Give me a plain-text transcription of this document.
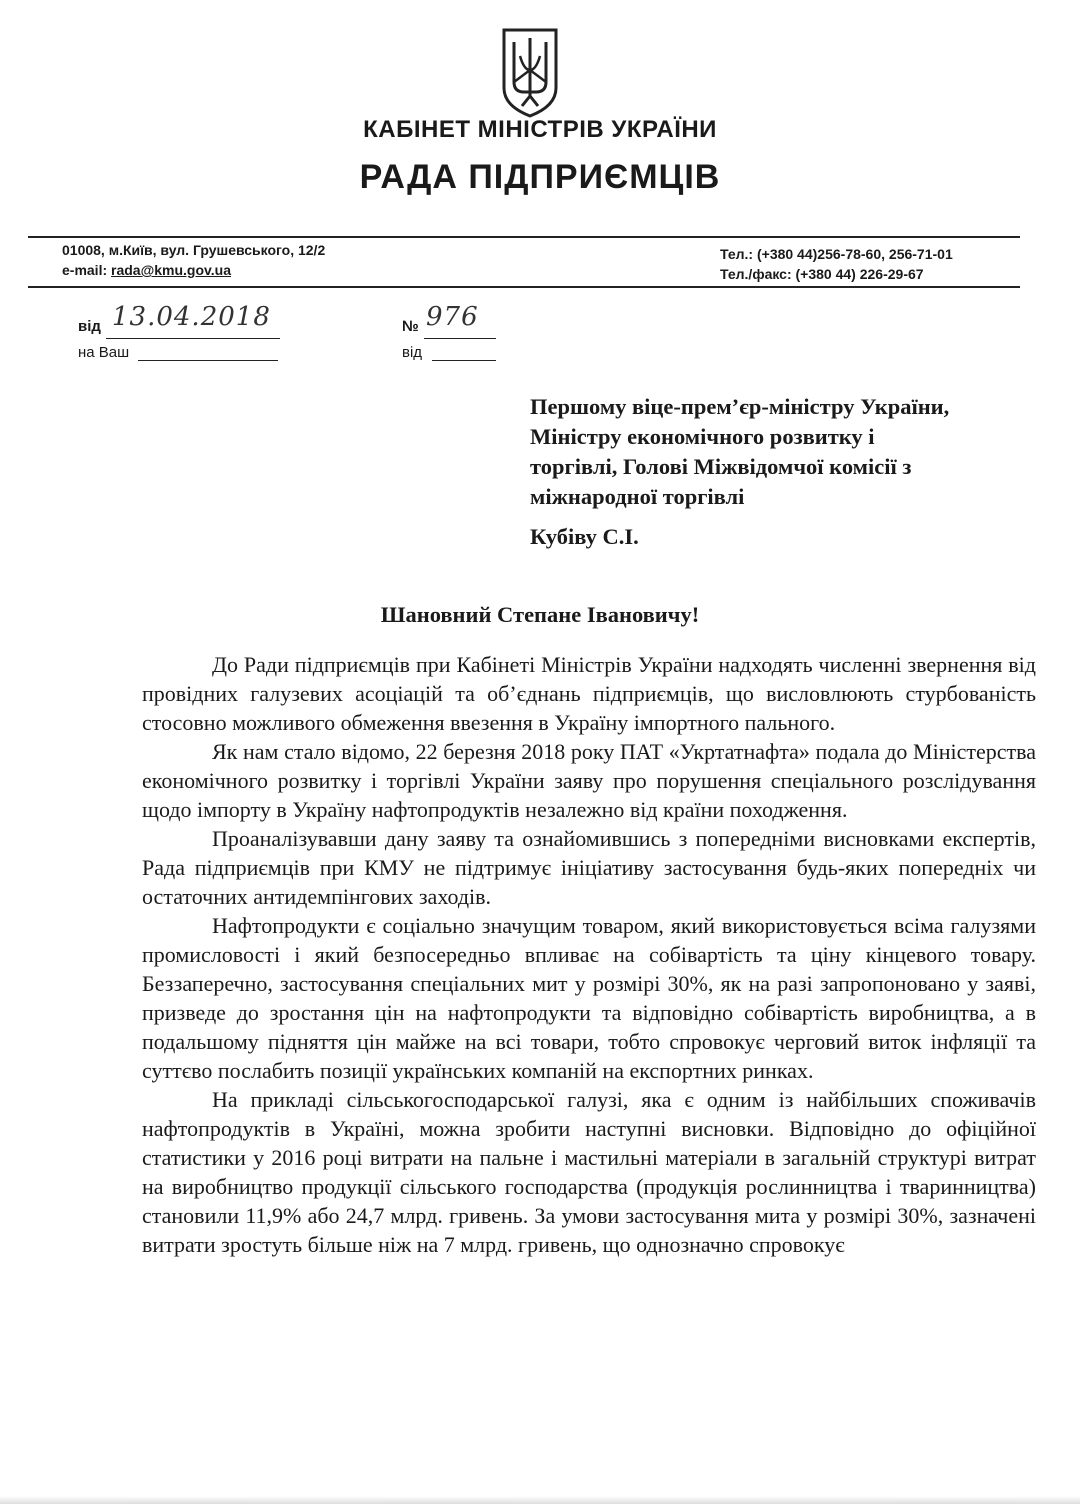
КАБІНЕТ МІНІСТРІВ УКРАЇНИ
РАДА ПІДПРИЄМЦІВ
01008, м.Київ, вул. Грушевського, 12/2
e-mail: rada@kmu.gov.ua
Тел.: (+380 44)256-78-60, 256-71-01
Тел./факс: (+380 44) 226-29-67
від 13.04.2018
на Ваш
№ 976
від
Першому віце-прем’єр-міністру України,
Міністру економічного розвитку і
торгівлі, Голові Міжвідомчої комісії з
міжнародної торгівлі
Кубіву С.І.
Шановний Степане Івановичу!

До Ради підприємців при Кабінеті Міністрів України надходять численні звернення від провідних галузевих асоціацій та об’єднань підприємців, що висловлюють стурбованість стосовно можливого обмеження ввезення в Україну імпортного пального.

Як нам стало відомо, 22 березня 2018 року ПАТ «Укртатнафта» подала до Міністерства економічного розвитку і торгівлі України заяву про порушення спеціального розслідування щодо імпорту в Україну нафтопродуктів незалежно від країни походження.

Проаналізувавши дану заяву та ознайомившись з попередніми висновками експертів, Рада підприємців при КМУ не підтримує ініціативу застосування будь-яких попередніх чи остаточних антидемпінгових заходів.

Нафтопродукти є соціально значущим товаром, який використовується всіма галузями промисловості і який безпосередньо впливає на собівартість та ціну кінцевого товару. Беззаперечно, застосування спеціальних мит у розмірі 30%, як на разі запропоновано у заяві, призведе до зростання цін на нафтопродукти та відповідно собівартість виробництва, а в подальшому підняття цін майже на всі товари, тобто спровокує черговий виток інфляції та суттєво послабить позиції українських компаній на експортних ринках.

На прикладі сільськогосподарської галузі, яка є одним із найбільших споживачів нафтопродуктів в Україні, можна зробити наступні висновки. Відповідно до офіційної статистики у 2016 році витрати на пальне і мастильні матеріали в загальній структурі витрат на виробництво продукції сільського господарства (продукція рослинництва і тваринництва) становили 11,9% або 24,7 млрд. гривень. За умови застосування мита у розмірі 30%, зазначені витрати зростуть більше ніж на 7 млрд. гривень, що однозначно спровокує
